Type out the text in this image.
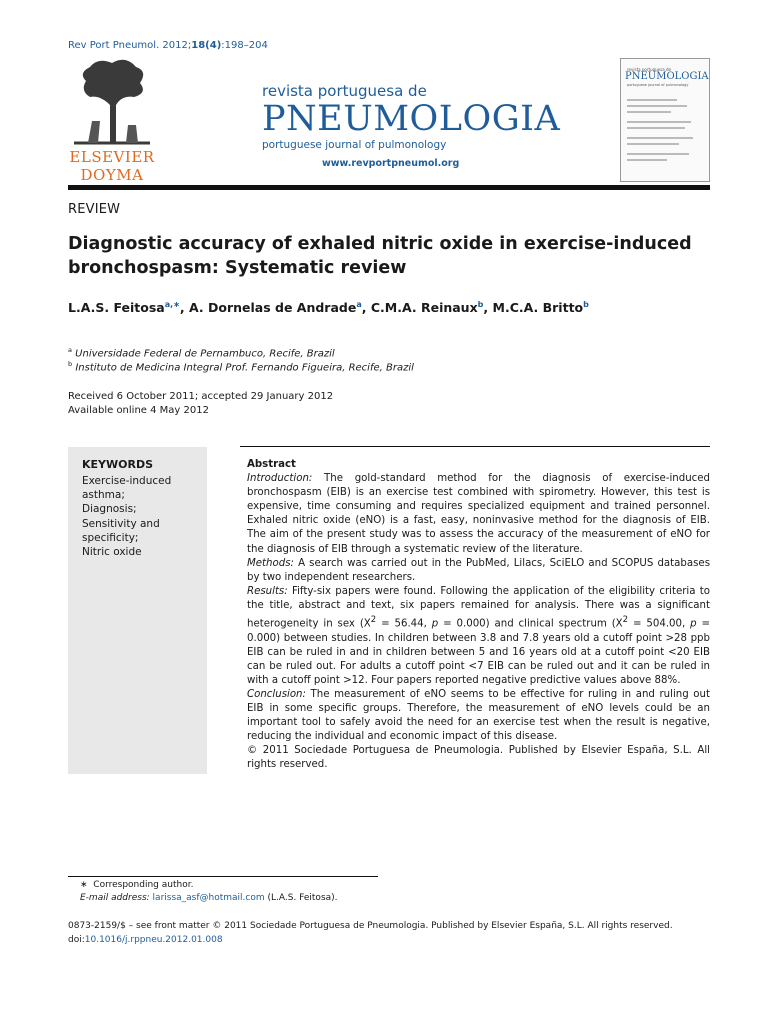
Rev Port Pneumol. 2012;18(4):198–204
ELSEVIER
DOYMA
revista portuguesa de
PNEUMOLOGIA
portuguese journal of pulmonology
www.revportpneumol.org
revista portuguesa de
PNEUMOLOGIA
portuguese journal of pulmonology
REVIEW
Diagnostic accuracy of exhaled nitric oxide in exercise-induced bronchospasm: Systematic review
L.A.S. Feitosa$^{a,∗}$, A. Dornelas de Andrade$^a$, C.M.A. Reinaux$^b$, M.C.A. Britto$^b$
$^a$ Universidade Federal de Pernambuco, Recife, Brazil
$^b$ Instituto de Medicina Integral Prof. Fernando Figueira, Recife, Brazil
Received 6 October 2011; accepted 29 January 2012
Available online 4 May 2012
KEYWORDS
Exercise-induced asthma;
Diagnosis;
Sensitivity and specificity;
Nitric oxide

Abstract

Introduction: The gold-standard method for the diagnosis of exercise-induced bronchospasm (EIB) is an exercise test combined with spirometry. However, this test is expensive, time consuming and requires specialized equipment and trained personnel. Exhaled nitric oxide (eNO) is a fast, easy, noninvasive method for the diagnosis of EIB. The aim of the present study was to assess the accuracy of the measurement of eNO for the diagnosis of EIB through a systematic review of the literature.

Methods: A search was carried out in the PubMed, Lilacs, SciELO and SCOPUS databases by two independent researchers.

Results: Fifty-six papers were found. Following the application of the eligibility criteria to the title, abstract and text, six papers remained for analysis. There was a significant heterogeneity in sex ($X^2 = 56.44$, p = 0.000) and clinical spectrum ($X^2 = 504.00$, p = 0.000) between studies. In children between 3.8 and 7.8 years old a cutoff point >28 ppb EIB can be ruled in and in children between 5 and 16 years old at a cutoff point <20 EIB can be ruled out. For adults a cutoff point <7 EIB can be ruled out and it can be ruled in with a cutoff point >12. Four papers reported negative predictive values above 88%.

Conclusion: The measurement of eNO seems to be effective for ruling in and ruling out EIB in some specific groups. Therefore, the measurement of eNO levels could be an important tool to safely avoid the need for an exercise test when the result is negative, reducing the individual and economic impact of this disease.

© 2011 Sociedade Portuguesa de Pneumologia. Published by Elsevier España, S.L. All rights reserved.

∗ Corresponding author.
E-mail address: larissa_asf@hotmail.com (L.A.S. Feitosa).
0873-2159/$ – see front matter © 2011 Sociedade Portuguesa de Pneumologia. Published by Elsevier España, S.L. All rights reserved.
doi:10.1016/j.rppneu.2012.01.008
